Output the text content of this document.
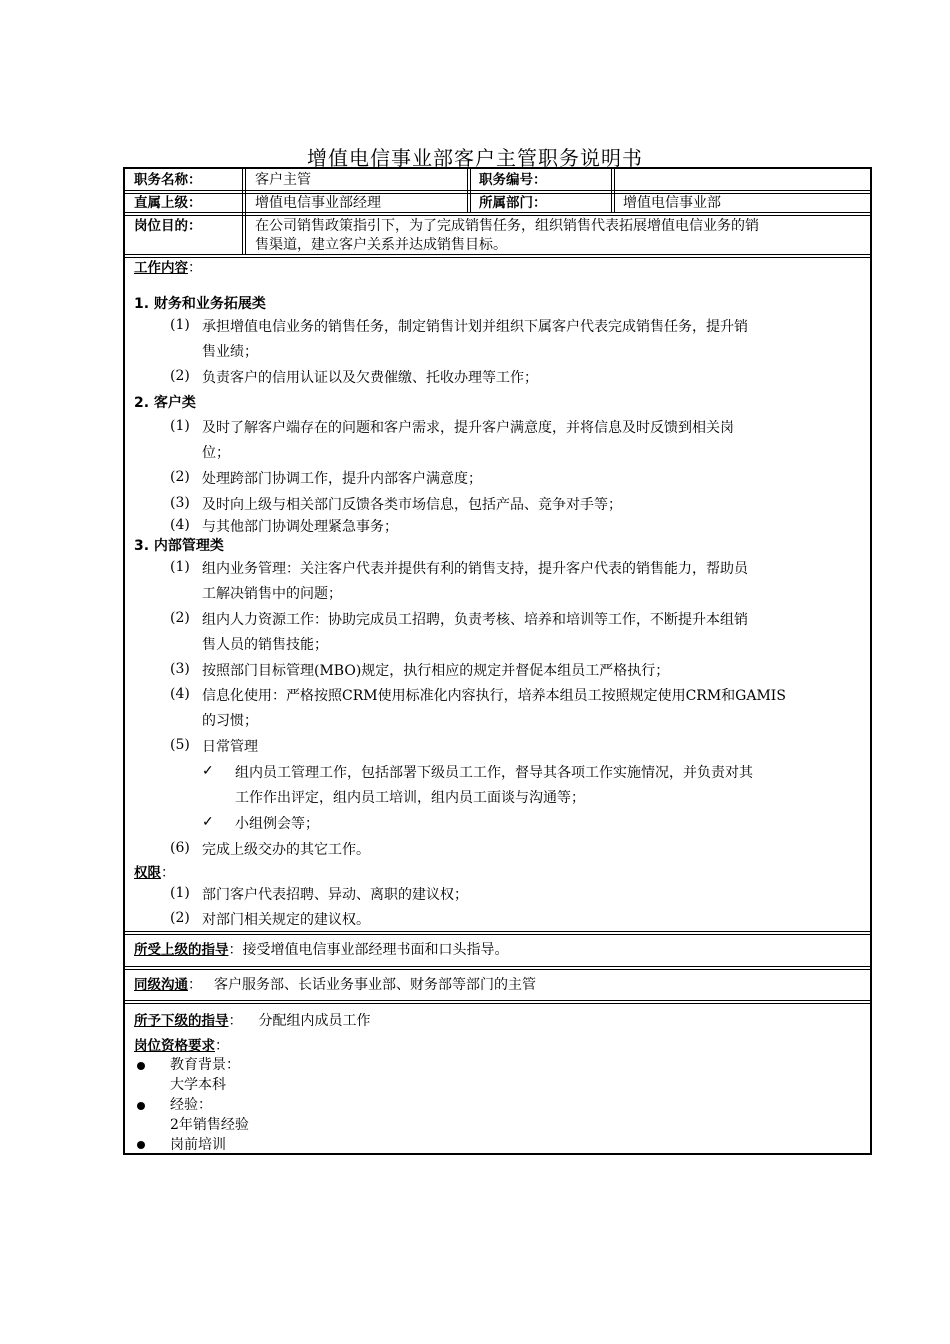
增值电信事业部客户主管职务说明书
职务名称：	客户主管	职务编号：
直属上级：	增值电信事业部经理	所属部门：	增值电信事业部
岗位目的：	在公司销售政策指引下，为了完成销售任务，组织销售代表拓展增值电信业务的销
售渠道，建立客户关系并达成销售目标。
工作内容：
1. 财务和业务拓展类
(1) 承担增值电信业务的销售任务，制定销售计划并组织下属客户代表完成销售任务，提升销
售业绩；
(2) 负责客户的信用认证以及欠费催缴、托收办理等工作；
2. 客户类
(1) 及时了解客户端存在的问题和客户需求，提升客户满意度，并将信息及时反馈到相关岗
位；
(2) 处理跨部门协调工作，提升内部客户满意度；
(3) 及时向上级与相关部门反馈各类市场信息，包括产品、竞争对手等；
(4) 与其他部门协调处理紧急事务；
3. 内部管理类
(1) 组内业务管理：关注客户代表并提供有利的销售支持，提升客户代表的销售能力，帮助员
工解决销售中的问题；
(2) 组内人力资源工作：协助完成员工招聘，负责考核、培养和培训等工作，不断提升本组销
售人员的销售技能；
(3) 按照部门目标管理(MBO)规定，执行相应的规定并督促本组员工严格执行；
(4) 信息化使用：严格按照CRM使用标准化内容执行，培养本组员工按照规定使用CRM和GAMIS
的习惯；
(5) 日常管理
✓ 组内员工管理工作，包括部署下级员工工作，督导其各项工作实施情况，并负责对其
工作作出评定，组内员工培训，组内员工面谈与沟通等；
✓ 小组例会等；
(6) 完成上级交办的其它工作。
权限：
(1) 部门客户代表招聘、异动、离职的建议权；
(2) 对部门相关规定的建议权。
所受上级的指导：接受增值电信事业部经理书面和口头指导。
同级沟通： 客户服务部、长话业务事业部、财务部等部门的主管
所予下级的指导： 分配组内成员工作
岗位资格要求：
教育背景：
大学本科
经验：
2年销售经验
岗前培训
